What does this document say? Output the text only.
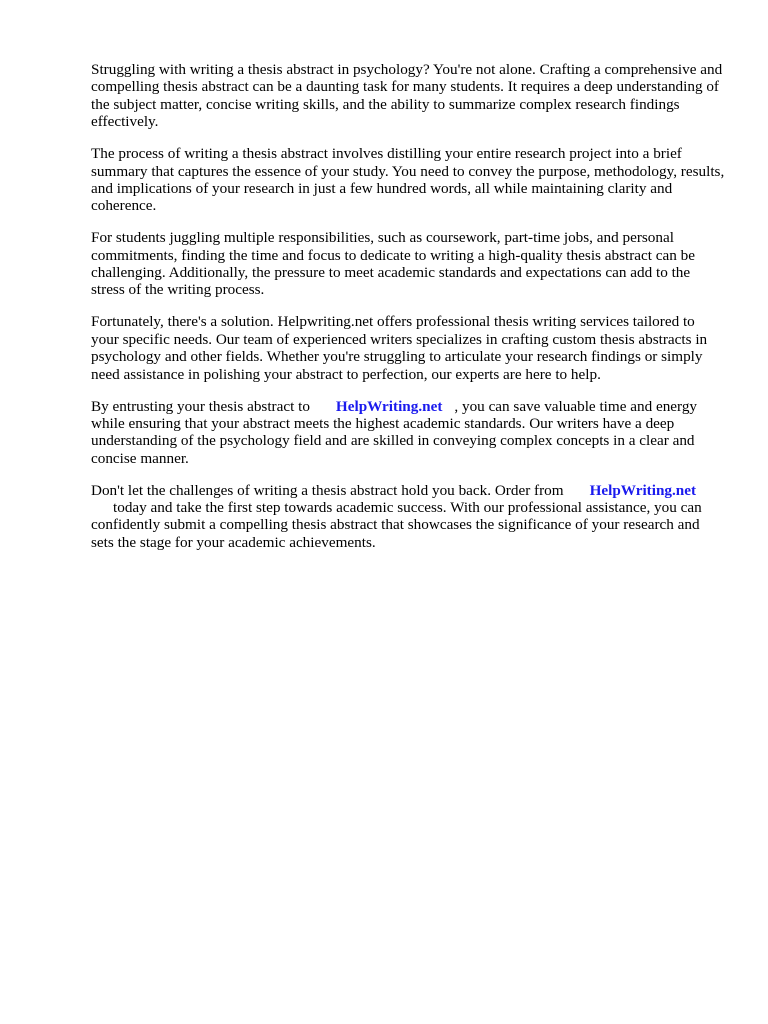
Struggling with writing a thesis abstract in psychology? You're not alone. Crafting a comprehensive and compelling thesis abstract can be a daunting task for many students. It requires a deep understanding of the subject matter, concise writing skills, and the ability to summarize complex research findings effectively.

The process of writing a thesis abstract involves distilling your entire research project into a brief summary that captures the essence of your study. You need to convey the purpose, methodology, results, and implications of your research in just a few hundred words, all while maintaining clarity and coherence.

For students juggling multiple responsibilities, such as coursework, part-time jobs, and personal commitments, finding the time and focus to dedicate to writing a high-quality thesis abstract can be challenging. Additionally, the pressure to meet academic standards and expectations can add to the stress of the writing process.

Fortunately, there's a solution. Helpwriting.net offers professional thesis writing services tailored to your specific needs. Our team of experienced writers specializes in crafting custom thesis abstracts in psychology and other fields. Whether you're struggling to articulate your research findings or simply need assistance in polishing your abstract to perfection, our experts are here to help.

By entrusting your thesis abstract to HelpWriting.net , you can save valuable time and energy while ensuring that your abstract meets the highest academic standards. Our writers have a deep understanding of the psychology field and are skilled in conveying complex concepts in a clear and concise manner.

Don't let the challenges of writing a thesis abstract hold you back. Order from HelpWriting.net
today and take the first step towards academic success. With our professional assistance, you can confidently submit a compelling thesis abstract that showcases the significance of your research and sets the stage for your academic achievements.
